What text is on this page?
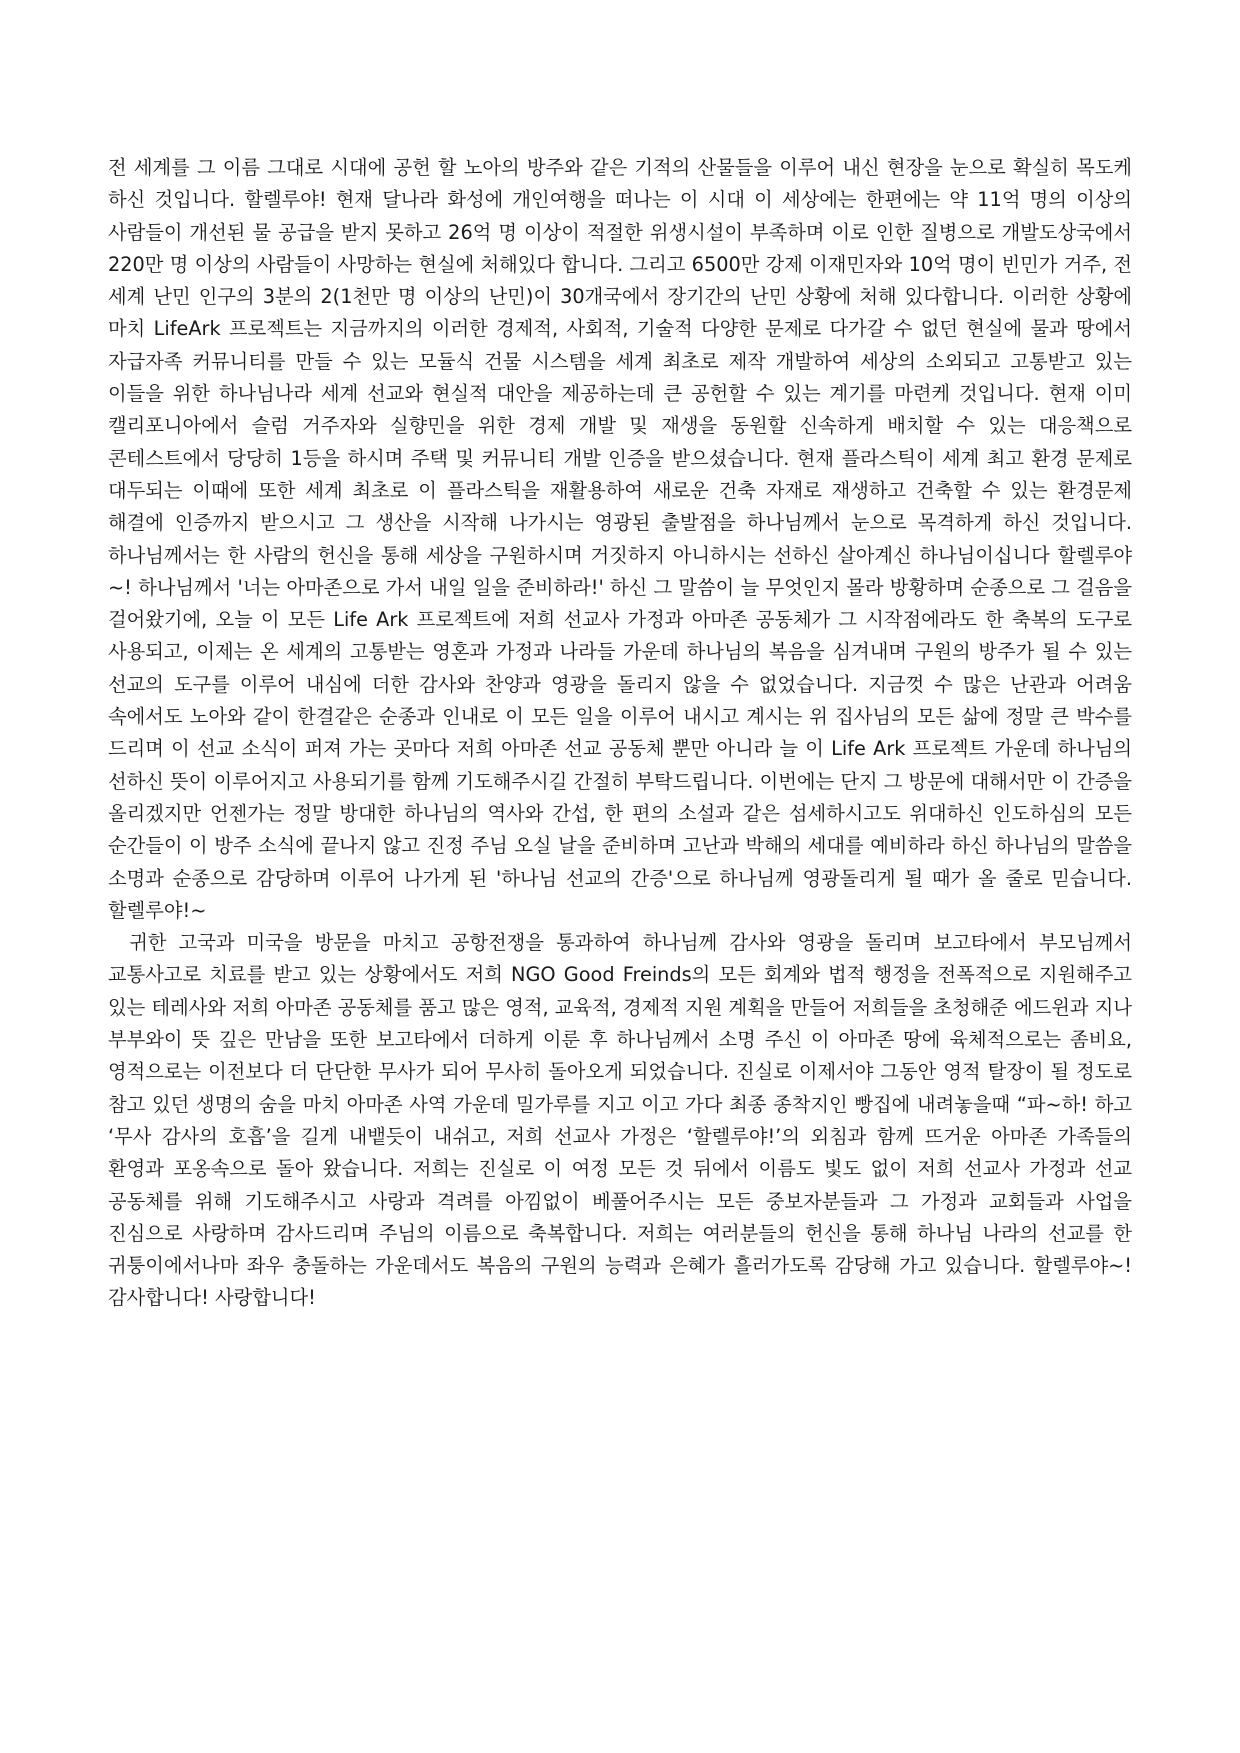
전 세계를 그 이름 그대로 시대에 공헌 할 노아의 방주와 같은 기적의 산물들을 이루어 내신 현장을 눈으로 확실히 목도케 하신 것입니다. 할렐루야! 현재 달나라 화성에 개인여행을 떠나는 이 시대 이 세상에는 한편에는 약 11억 명의 이상의 사람들이 개선된 물 공급을 받지 못하고 26억 명 이상이 적절한 위생시설이 부족하며 이로 인한 질병으로 개발도상국에서 220만 명 이상의 사람들이 사망하는 현실에 처해있다 합니다. 그리고 6500만 강제 이재민자와 10억 명이 빈민가 거주, 전 세계 난민 인구의 3분의 2(1천만 명 이상의 난민)이 30개국에서 장기간의 난민 상황에 처해 있다합니다. 이러한 상황에 마치 LifeArk 프로젝트는 지금까지의 이러한 경제적, 사회적, 기술적 다양한 문제로 다가갈 수 없던 현실에 물과 땅에서 자급자족 커뮤니티를 만들 수 있는 모듈식 건물 시스템을 세계 최초로 제작 개발하여 세상의 소외되고 고통받고 있는 이들을 위한 하나님나라 세계 선교와 현실적 대안을 제공하는데 큰 공헌할 수 있는 계기를 마련케 것입니다. 현재 이미 캘리포니아에서 슬럼 거주자와 실향민을 위한 경제 개발 및 재생을 동원할 신속하게 배치할 수 있는 대응책으로 콘테스트에서 당당히 1등을 하시며 주택 및 커뮤니티 개발 인증을 받으셨습니다. 현재 플라스틱이 세계 최고 환경 문제로 대두되는 이때에 또한 세계 최초로 이 플라스틱을 재활용하여 새로운 건축 자재로 재생하고 건축할 수 있는 환경문제 해결에 인증까지 받으시고 그 생산을 시작해 나가시는 영광된 출발점을 하나님께서 눈으로 목격하게 하신 것입니다. 하나님께서는 한 사람의 헌신을 통해 세상을 구원하시며 거짓하지 아니하시는 선하신 살아계신 하나님이십니다 할렐루야~! 하나님께서 '너는 아마존으로 가서 내일 일을 준비하라!' 하신 그 말씀이 늘 무엇인지 몰라 방황하며 순종으로 그 걸음을 걸어왔기에, 오늘 이 모든 Life Ark 프로젝트에 저희 선교사 가정과 아마존 공동체가 그 시작점에라도 한 축복의 도구로 사용되고, 이제는 온 세계의 고통받는 영혼과 가정과 나라들 가운데 하나님의 복음을 심겨내며 구원의 방주가 될 수 있는 선교의 도구를 이루어 내심에 더한 감사와 찬양과 영광을 돌리지 않을 수 없었습니다. 지금껏 수 많은 난관과 어려움 속에서도 노아와 같이 한결같은 순종과 인내로 이 모든 일을 이루어 내시고 계시는 위 집사님의 모든 삶에 정말 큰 박수를 드리며 이 선교 소식이 퍼져 가는 곳마다 저희 아마존 선교 공동체 뿐만 아니라 늘 이 Life Ark 프로젝트 가운데 하나님의 선하신 뜻이 이루어지고 사용되기를 함께 기도해주시길 간절히 부탁드립니다. 이번에는 단지 그 방문에 대해서만 이 간증을 올리겠지만 언젠가는 정말 방대한 하나님의 역사와 간섭, 한 편의 소설과 같은 섬세하시고도 위대하신 인도하심의 모든 순간들이 이 방주 소식에 끝나지 않고 진정 주님 오실 날을 준비하며 고난과 박해의 세대를 예비하라 하신 하나님의 말씀을 소명과 순종으로 감당하며 이루어 나가게 된 '하나님 선교의 간증'으로 하나님께 영광돌리게 될 때가 올 줄로 믿습니다. 할렐루야!~

귀한 고국과 미국을 방문을 마치고 공항전쟁을 통과하여 하나님께 감사와 영광을 돌리며 보고타에서 부모님께서 교통사고로 치료를 받고 있는 상황에서도 저희 NGO Good Freinds의 모든 회계와 법적 행정을 전폭적으로 지원해주고 있는 테레사와 저희 아마존 공동체를 품고 많은 영적, 교육적, 경제적 지원 계획을 만들어 저희들을 초청해준 에드윈과 지나 부부와이 뜻 깊은 만남을 또한 보고타에서 더하게 이룬 후 하나님께서 소명 주신 이 아마존 땅에 육체적으로는 좀비요, 영적으로는 이전보다 더 단단한 무사가 되어 무사히 돌아오게 되었습니다. 진실로 이제서야 그동안 영적 탈장이 될 정도로 참고 있던 생명의 숨을 마치 아마존 사역 가운데 밀가루를 지고 이고 가다 최종 종착지인 빵집에 내려놓을때 “파~하! 하고 ‘무사 감사의 호흡’을 길게 내뱉듯이 내쉬고, 저희 선교사 가정은 ‘할렐루야!’의 외침과 함께 뜨거운 아마존 가족들의 환영과 포옹속으로 돌아 왔습니다. 저희는 진실로 이 여정 모든 것 뒤에서 이름도 빛도 없이 저희 선교사 가정과 선교 공동체를 위해 기도해주시고 사랑과 격려를 아낌없이 베풀어주시는 모든 중보자분들과 그 가정과 교회들과 사업을 진심으로 사랑하며 감사드리며 주님의 이름으로 축복합니다. 저희는 여러분들의 헌신을 통해 하나님 나라의 선교를 한 귀퉁이에서나마 좌우 충돌하는 가운데서도 복음의 구원의 능력과 은혜가 흘러가도록 감당해 가고 있습니다. 할렐루야~! 감사합니다! 사랑합니다!
